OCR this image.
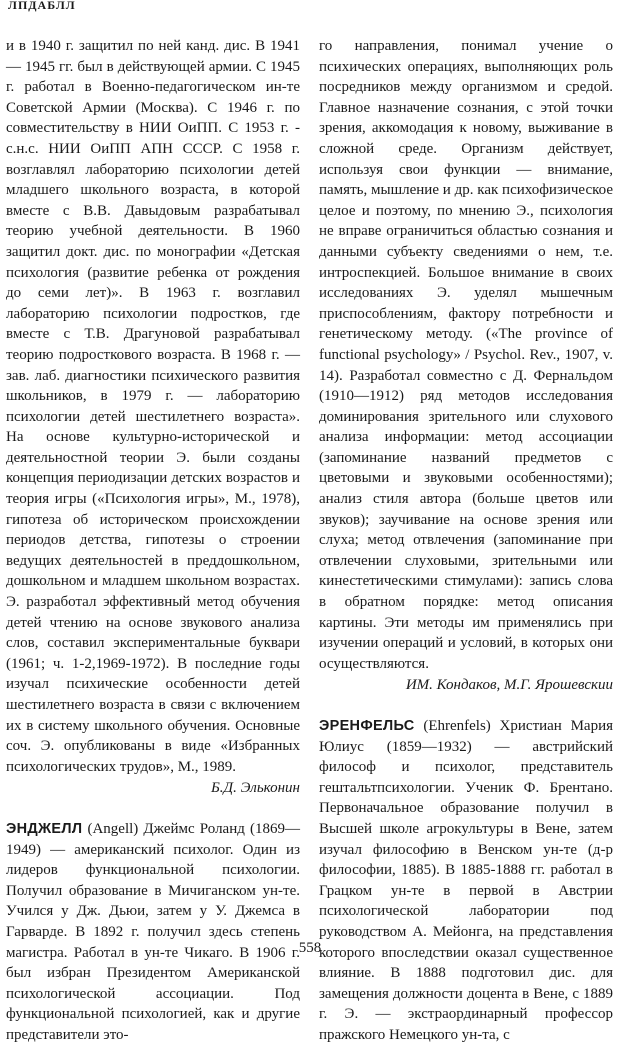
ЛПДАБЛЛ

и в 1940 г. защитил по ней канд. дис. В 1941 — 1945 гг. был в действующей армии. С 1945 г. работал в Военно-педагогическом ин-те Советской Армии (Москва). С 1946 г. по совместительству в НИИ ОиПП. С 1953 г. - с.н.с. НИИ ОиПП АПН СССР. С 1958 г. возглавлял лабораторию психологии детей младшего школьного возраста, в которой вместе с В.В. Давыдовым разрабатывал теорию учебной деятельности. В 1960 защитил докт. дис. по монографии «Детская психология (развитие ребенка от рождения до семи лет)». В 1963 г. возглавил лабораторию психологии подростков, где вместе с Т.В. Драгуновой разрабатывал теорию подросткового возраста. В 1968 г. — зав. лаб. диагностики психического развития школьников, в 1979 г. — лабораторию психологии детей шестилетнего возраста». На основе культурно-исторической и деятельностной теории Э. были созданы концепция периодизации детских возрастов и теория игры («Психология игры», М., 1978), гипотеза об историческом происхождении периодов детства, гипотезы о строении ведущих деятельностей в преддошкольном, дошкольном и младшем школьном возрастах. Э. разработал эффективный метод обучения детей чтению на основе звукового анализа слов, составил экспериментальные буквари (1961; ч. 1-2,1969-1972). В последние годы изучал психические особенности детей шестилетнего возраста в связи с включением их в систему школьного обучения. Основные соч. Э. опубликованы в виде «Избранных психологических трудов», М., 1989.

Б.Д. Эльконин

ЭНДЖЕЛЛ (Angell) Джеймс Роланд (1869—1949) — американский психолог. Один из лидеров функциональной психологии. Получил образование в Мичиганском ун-те. Учился у Дж. Дьюи, затем у У. Джемса в Гарварде. В 1892 г. получил здесь степень магистра. Работал в ун-те Чикаго. В 1906 г. был избран Президентом Американской психологической ассоциации. Под функциональной психологией, как и другие представители это-

го направления, понимал учение о психических операциях, выполняющих роль посредников между организмом и средой. Главное назначение сознания, с этой точки зрения, аккомодация к новому, выживание в сложной среде. Организм действует, используя свои функции — внимание, память, мышление и др. как психофизическое целое и поэтому, по мнению Э., психология не вправе ограничиться областью сознания и данными субъекту сведениями о нем, т.е. интроспекцией. Большое внимание в своих исследованиях Э. уделял мышечным приспособлениям, фактору потребности и генетическому методу. («The province of functional psychology» / Psychol. Rev., 1907, v. 14). Разработал совместно с Д. Фернальдом (1910—1912) ряд методов исследования доминирования зрительного или слухового анализа информации: метод ассоциации (запоминание названий предметов с цветовыми и звуковыми особенностями); анализ стиля автора (больше цветов или звуков); заучивание на основе зрения или слуха; метод отвлечения (запоминание при отвлечении слуховыми, зрительными или кинестетическими стимулами): запись слова в обратном порядке: метод описания картины. Эти методы им применялись при изучении операций и условий, в которых они осуществляются.

ИМ. Кондаков, М.Г. Ярошевскии

ЭРЕНФЕЛЬС (Ehrenfels) Христиан Мария Юлиус (1859—1932) — австрийский философ и психолог, представитель гештальтпсихологии. Ученик Ф. Брентано. Первоначальное образование получил в Высшей школе агрокультуры в Вене, затем изучал философию в Венском ун-те (д-р философии, 1885). В 1885-1888 гг. работал в Грацком ун-те в первой в Австрии психологической лаборатории под руководством А. Мейонга, на представления которого впоследствии оказал существенное влияние. В 1888 подготовил дис. для замещения должности доцента в Вене, с 1889 г. Э. — экстраординарный профессор пражского Немецкого ун-та, с

558
